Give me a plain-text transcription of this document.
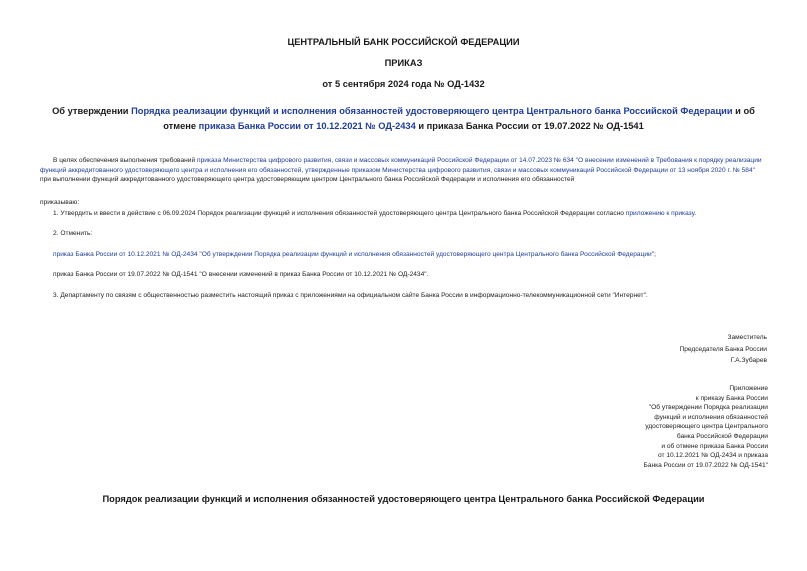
ЦЕНТРАЛЬНЫЙ БАНК РОССИЙСКОЙ ФЕДЕРАЦИИ
ПРИКАЗ
от 5 сентября 2024 года № ОД-1432
Об утверждении Порядка реализации функций и исполнения обязанностей удостоверяющего центра Центрального банка Российской Федерации и об отмене приказа Банка России от 10.12.2021 № ОД-2434 и приказа Банка России от 19.07.2022 № ОД-1541
В целях обеспечения выполнения требований приказа Министерства цифрового развития, связи и массовых коммуникаций Российской Федерации от 14.07.2023 № 634 "О внесении изменений в Требования к порядку реализации функций аккредитованного удостоверяющего центра и исполнения его обязанностей, утвержденные приказом Министерства цифрового развития, связи и массовых коммуникаций Российской Федерации от 13 ноября 2020 г. № 584" при выполнении функций аккредитованного удостоверяющего центра удостоверяющим центром Центрального банка Российской Федерации и исполнения его обязанностей
приказываю:
1. Утвердить и ввести в действие с 06.09.2024 Порядок реализации функций и исполнения обязанностей удостоверяющего центра Центрального банка Российской Федерации согласно приложению к приказу.
2. Отменить:
приказ Банка России от 10.12.2021 № ОД-2434 "Об утверждении Порядка реализации функций и исполнения обязанностей удостоверяющего центра Центрального банка Российской Федерации";
приказ Банка России от 19.07.2022 № ОД-1541 "О внесении изменений в приказ Банка России от 10.12.2021 № ОД-2434".
3. Департаменту по связям с общественностью разместить настоящий приказ с приложениями на официальном сайте Банка России в информационно-телекоммуникационной сети "Интернет".
Заместитель
Председателя Банка России
Г.А.Зубарев
Приложение
к приказу Банка России
"Об утверждении Порядка реализации
функций и исполнения обязанностей
удостоверяющего центра Центрального
банка Российской Федерации
и об отмене приказа Банка России
от 10.12.2021 № ОД-2434 и приказа
Банка России от 19.07.2022 № ОД-1541"
Порядок реализации функций и исполнения обязанностей удостоверяющего центра Центрального банка Российской Федерации
